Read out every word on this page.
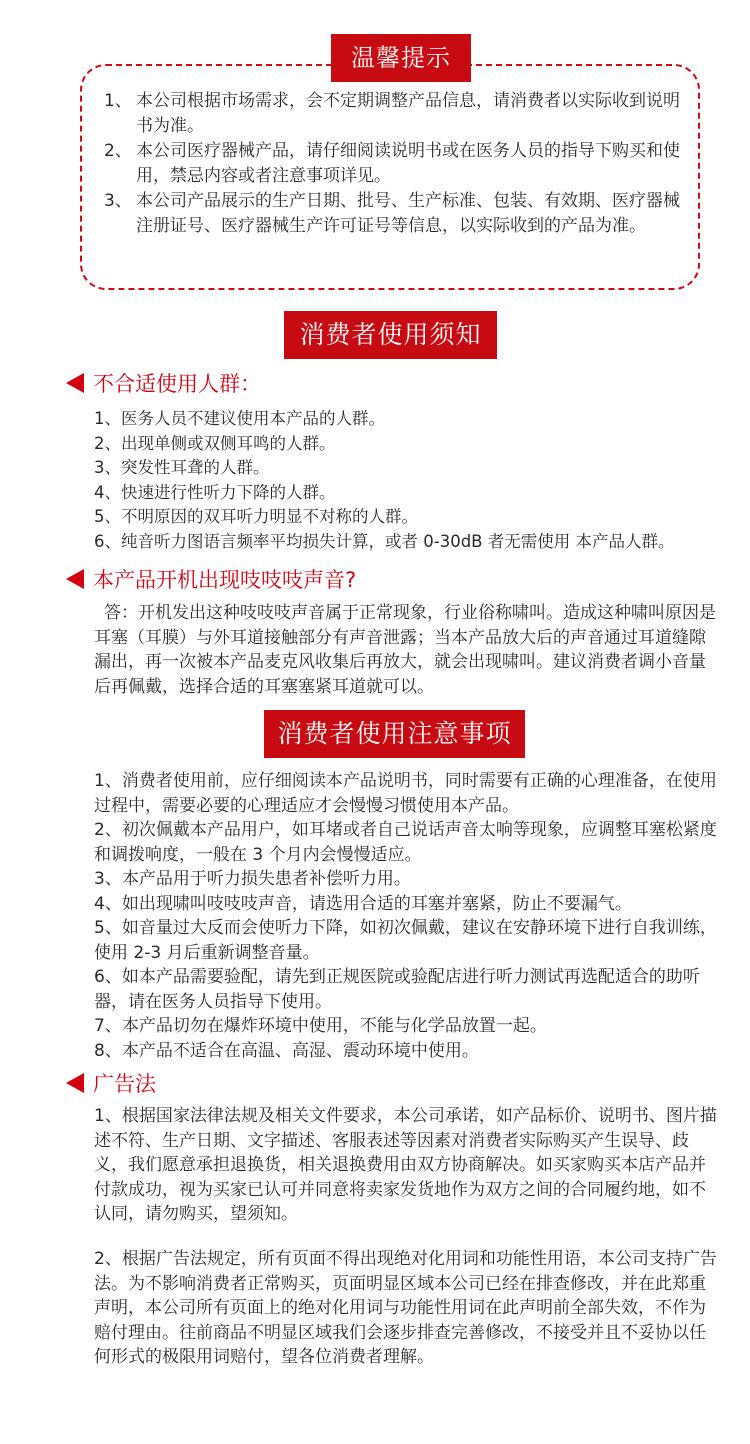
温馨提示
1、 本公司根据市场需求，会不定期调整产品信息，请消费者以实际收到说明书为准。
2、 本公司医疗器械产品，请仔细阅读说明书或在医务人员的指导下购买和使用，禁忌内容或者注意事项详见。
3、 本公司产品展示的生产日期、批号、生产标准、包装、有效期、医疗器械注册证号、医疗器械生产许可证号等信息，以实际收到的产品为准。
消费者使用须知
不合适使用人群：
1、医务人员不建议使用本产品的人群。
2、出现单侧或双侧耳鸣的人群。
3、突发性耳聋的人群。
4、快速进行性听力下降的人群。
5、不明原因的双耳听力明显不对称的人群。
6、纯音听力图语言频率平均损失计算，或者 0-30dB 者无需使用 本产品人群。
本产品开机出现吱吱吱声音?

答：开机发出这种吱吱吱声音属于正常现象，行业俗称啸叫。造成这种啸叫原因是耳塞（耳膜）与外耳道接触部分有声音泄露；当本产品放大后的声音通过耳道缝隙漏出，再一次被本产品麦克风收集后再放大，就会出现啸叫。建议消费者调小音量后再佩戴，选择合适的耳塞塞紧耳道就可以。

消费者使用注意事项

1、消费者使用前，应仔细阅读本产品说明书，同时需要有正确的心理准备，在使用过程中，需要必要的心理适应才会慢慢习惯使用本产品。

2、初次佩戴本产品用户，如耳堵或者自己说话声音太响等现象，应调整耳塞松紧度和调拨响度，一般在 3 个月内会慢慢适应。

3、本产品用于听力损失患者补偿听力用。

4、如出现啸叫吱吱吱声音，请选用合适的耳塞并塞紧，防止不要漏气。

5、如音量过大反而会使听力下降，如初次佩戴，建议在安静环境下进行自我训练，使用 2-3 月后重新调整音量。

6、如本产品需要验配，请先到正规医院或验配店进行听力测试再选配适合的助听器，请在医务人员指导下使用。

7、本产品切勿在爆炸环境中使用，不能与化学品放置一起。

8、本产品不适合在高温、高湿、震动环境中使用。

广告法

1、根据国家法律法规及相关文件要求，本公司承诺，如产品标价、说明书、图片描述不符、生产日期、文字描述、客服表述等因素对消费者实际购买产生误导、歧义，我们愿意承担退换货，相关退换费用由双方协商解决。如买家购买本店产品并付款成功，视为买家已认可并同意将卖家发货地作为双方之间的合同履约地，如不认同，请勿购买，望须知。

2、根据广告法规定，所有页面不得出现绝对化用词和功能性用语，本公司支持广告法。为不影响消费者正常购买，页面明显区域本公司已经在排查修改，并在此郑重声明，本公司所有页面上的绝对化用词与功能性用词在此声明前全部失效，不作为赔付理由。往前商品不明显区域我们会逐步排查完善修改，不接受并且不妥协以任何形式的极限用词赔付，望各位消费者理解。
